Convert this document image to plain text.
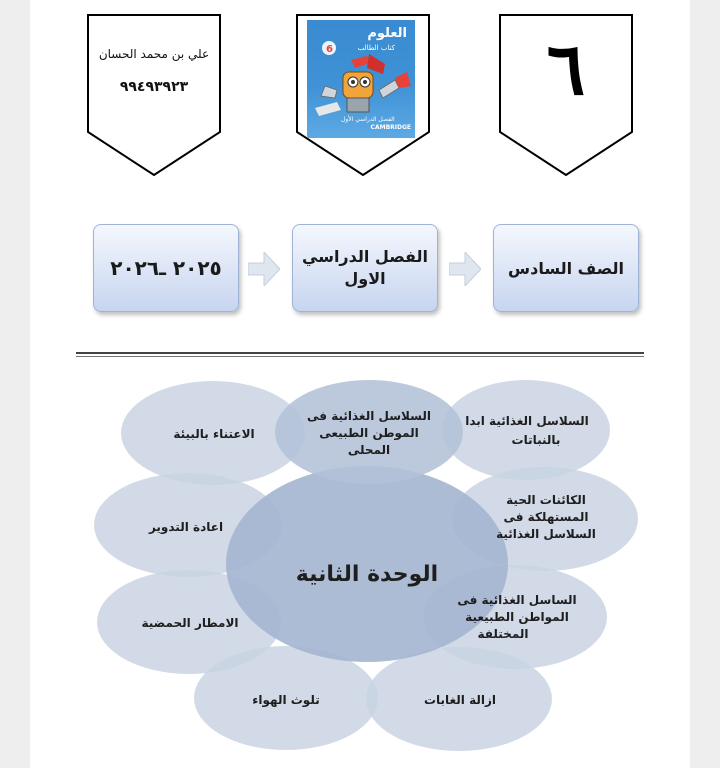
علي بن محمد الحسان
٩٩٤٩٣٩٢٣
العلوم
كتاب الطالب
6
الفصل الدراسي الأول
CAMBRIDGE
٦
٢٠٢٥ ـ٢٠٢٦	الفصل الدراسي
الاول
الصف السادس
الوحدة الثانية
السلاسل الغذائية ابدا بالنباتات
الكائنات الحية المستهلكة فى السلاسل الغذائية
الساسل الغذائية فى المواطن الطبيعية المختلفة
ازالة الغابات
تلوث الهواء
الامطار الحمضية
اعادة التدوير
الاعتناء بالبيئة
السلاسل الغذائية فى الموطن الطبيعى المحلى
